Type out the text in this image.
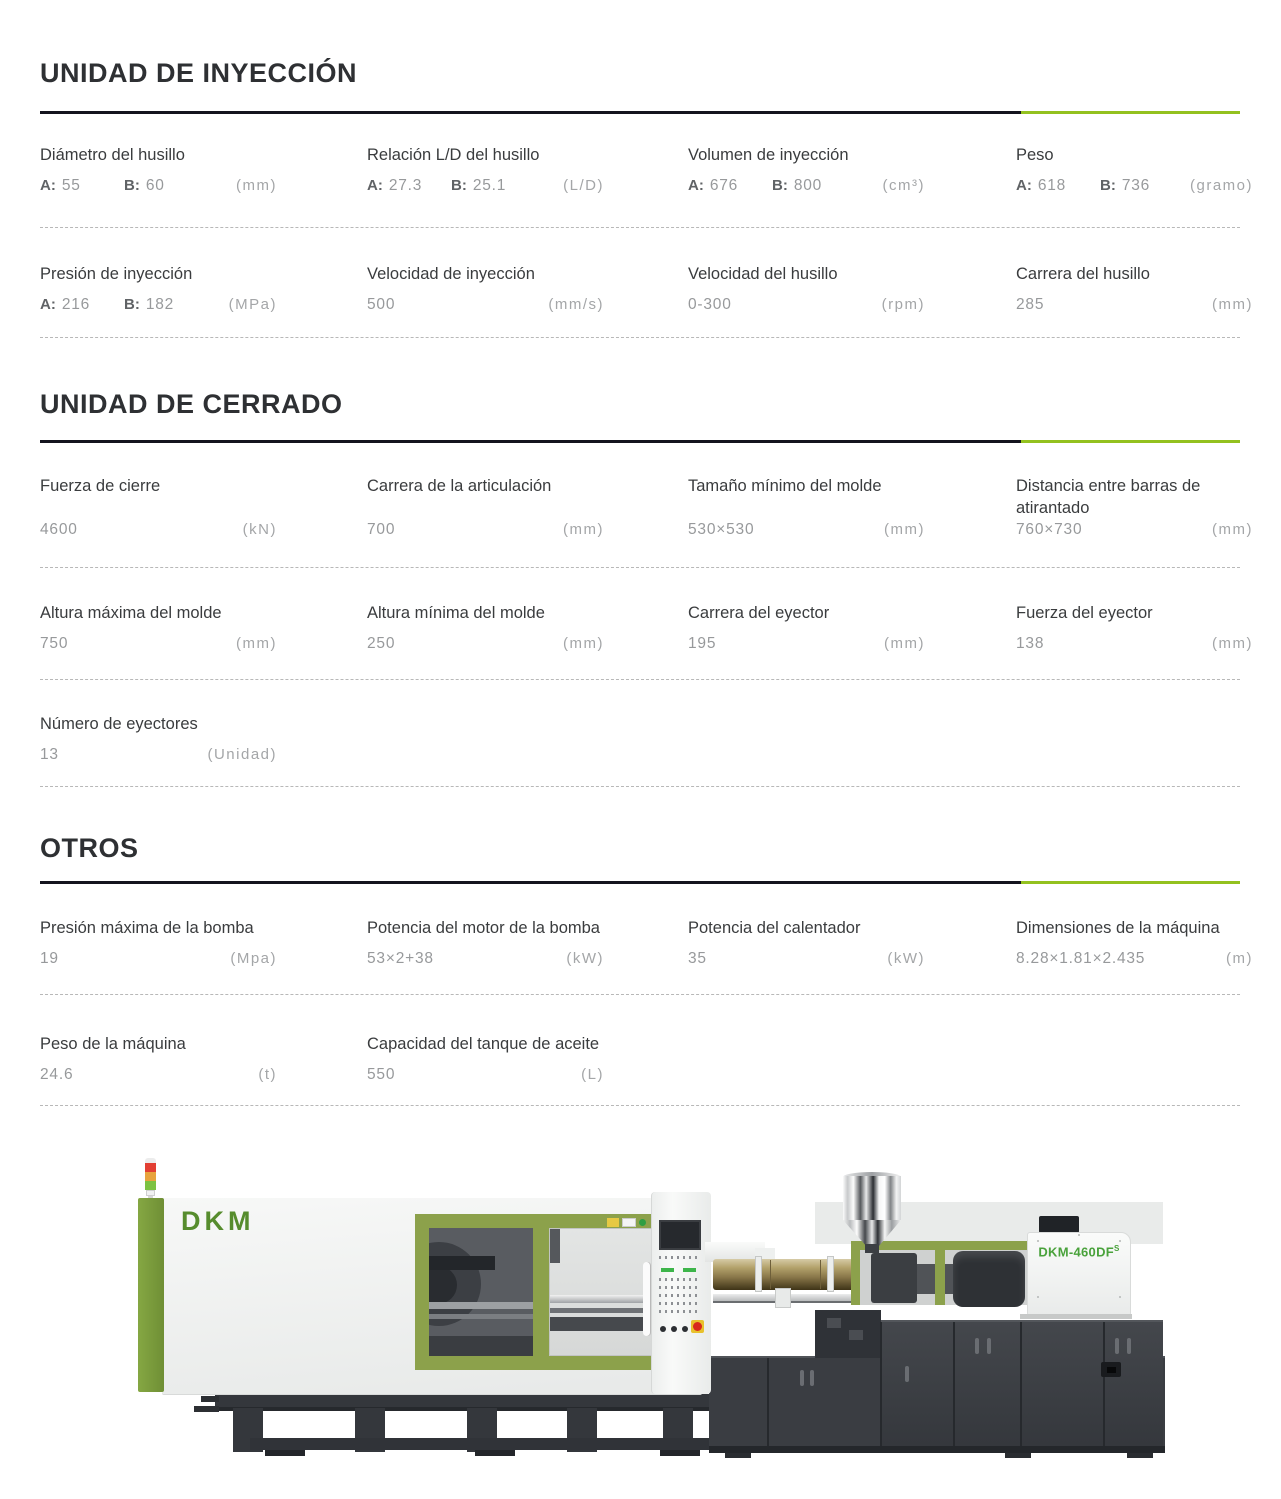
UNIDAD DE INYECCIÓN
Diámetro del husillo
A: 55	B: 60	(mm)
Relación L/D del husillo
A: 27.3 B: 25.1	(L/D)
Volumen de inyección
A: 676 B: 800	(cm³)
Peso
A: 618 B: 736	(gramo)
Presión de inyección
A: 216 B: 182	(MPa)
Velocidad de inyección
500	(mm/s)
Velocidad del husillo
0-300	(rpm)
Carrera del husillo
285	(mm)
UNIDAD DE CERRADO
Fuerza de cierre
4600	(kN)
Carrera de la articulación
700	(mm)
Tamaño mínimo del molde
530×530	(mm)
Distancia entre barras de atirantado
760×730	(mm)
Altura máxima del molde
750	(mm)
Altura mínima del molde
250	(mm)
Carrera del eyector
195	(mm)
Fuerza del eyector
138	(mm)
Número de eyectores
13	(Unidad)
OTROS
Presión máxima de la bomba
19	(Mpa)
Potencia del motor de la bomba
53×2+38	(kW)
Potencia del calentador
35	(kW)
Dimensiones de la máquina
8.28×1.81×2.435	(m)
Peso de la máquina
24.6	(t)
Capacidad del tanque de aceite
550	(L)
DKM
DKM-$460DF^S$
